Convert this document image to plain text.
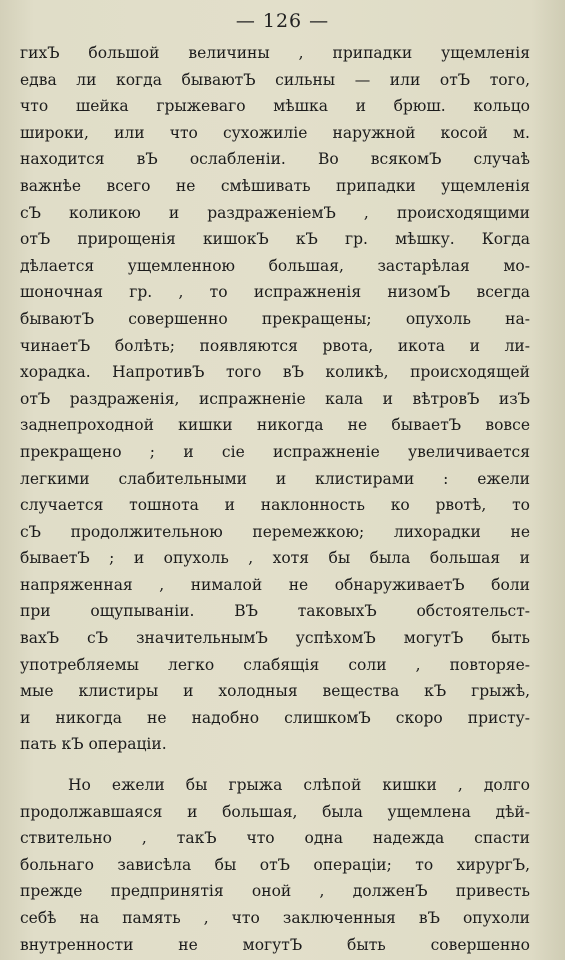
— 126 —
гихЪ большой величины , припадки ущемленія
едва ли когда бываютЪ сильны — или отЪ того,
что шейка грыжеваго мѣшка и брюш. кольцо
широки, или что сухожиліе наружной косой м.
находится вЪ ослабленіи. Во всякомЪ случаѣ
важнѣе всего не смѣшивать припадки ущемленія
сЪ коликою и раздраженіемЪ , происходящими
отЪ прирощенія кишокЪ кЪ гр. мѣшку. Когда
дѣлается ущемленною большая, застарѣлая мо-
шоночная гр. , то испражненія низомЪ всегда
бываютЪ совершенно прекращены; опухоль на-
чинаетЪ болѣть; появляются рвота, икота и ли-
хорадка. НапротивЪ того вЪ коликѣ, происходящей
отЪ раздраженія, испражненіе кала и вѣтровЪ изЪ
заднепроходной кишки никогда не бываетЪ вовсе
прекращено ; и сіе испражненіе увеличивается
легкими слабительными и клистирами : ежели
случается тошнота и наклонность ко рвотѣ, то
сЪ продолжительною перемежкою; лихорадки не
бываетЪ ; и опухоль , хотя бы была большая и
напряженная , нималой не обнаруживаетЪ боли
при ощупываніи. ВЪ таковыхЪ обстоятельст-
вахЪ сЪ значительнымЪ успѣхомЪ могутЪ быть
употребляемы легко слабящія соли , повторяе-
мые клистиры и холодныя вещества кЪ грыжѣ,
и никогда не надобно слишкомЪ скоро присту-
пать кЪ операціи.
Но ежели бы грыжа слѣпой кишки , долго
продолжавшаяся и большая, была ущемлена дѣй-
ствительно , такЪ что одна надежда спасти
больнаго зависѣла бы отЪ операціи; то хирургЪ,
прежде предпринятія оной , долженЪ привесть
себѣ на память , что заключенныя вЪ опухоли
внутренности не могутЪ быть совершенно
